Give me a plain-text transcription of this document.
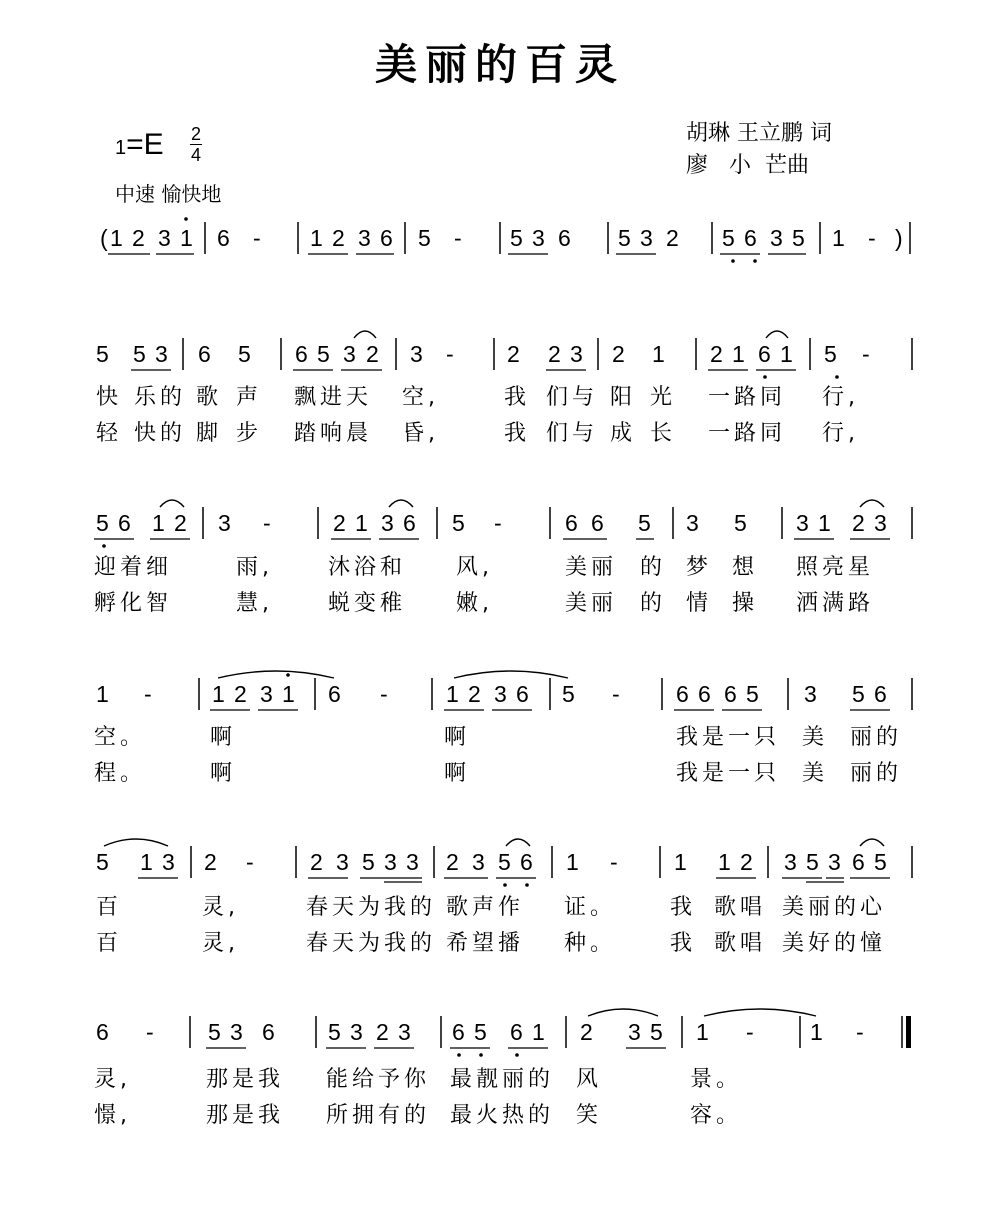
美丽的百灵
胡琳 王立鹏 词
廖   小  芒曲
1=E 2
4
中速 愉快地
( 1 2 3 1 6 - 1 2 3 6 5 - 5 3 6 5 3 2 5 6 3 5 1 - )
5 5 3 6 5 6 5 3 2 3 - 2 2 3 2 1 2 1 6 1 5 -
5 6 1 2 3 -	2 1 3 6 5 -	6 6 5 3 5 3 1 2 3
1 -	1 2 3 1 6 -	1 2 3 6 5 - 6 6 6 5 3 5 6
5 1 3 2 - 2 3 5 3 3 2 3 5 6 1 - 1 1 2 3 5 3 6 5
6 - 5 3 6 5 3 2 3 6 5 6 1 2 3 5 1 - 1 -
快 乐的 歌 声 飘进天 空,	我 们与 阳 光 一路同 行,
轻 快的 脚 步 踏响晨 昏,	我 们与 成 长 一路同 行,
迎着细	雨,	沐浴和 风,	美丽 的 梦 想 照亮星
孵化智	慧,	蜕变稚 嫩,	美丽 的 情 操 洒满路
空。	啊	啊	我是一只 美 丽的
程。	啊	啊	我是一只 美 丽的
百	灵,	春天为我的 歌声作 证。 我 歌唱 美丽的心
百	灵,	春天为我的 希望播 种。 我 歌唱 美好的憧
灵,	那是我 能给予你 最靓丽的 风	景。
憬,	那是我 所拥有的 最火热的 笑	容。
